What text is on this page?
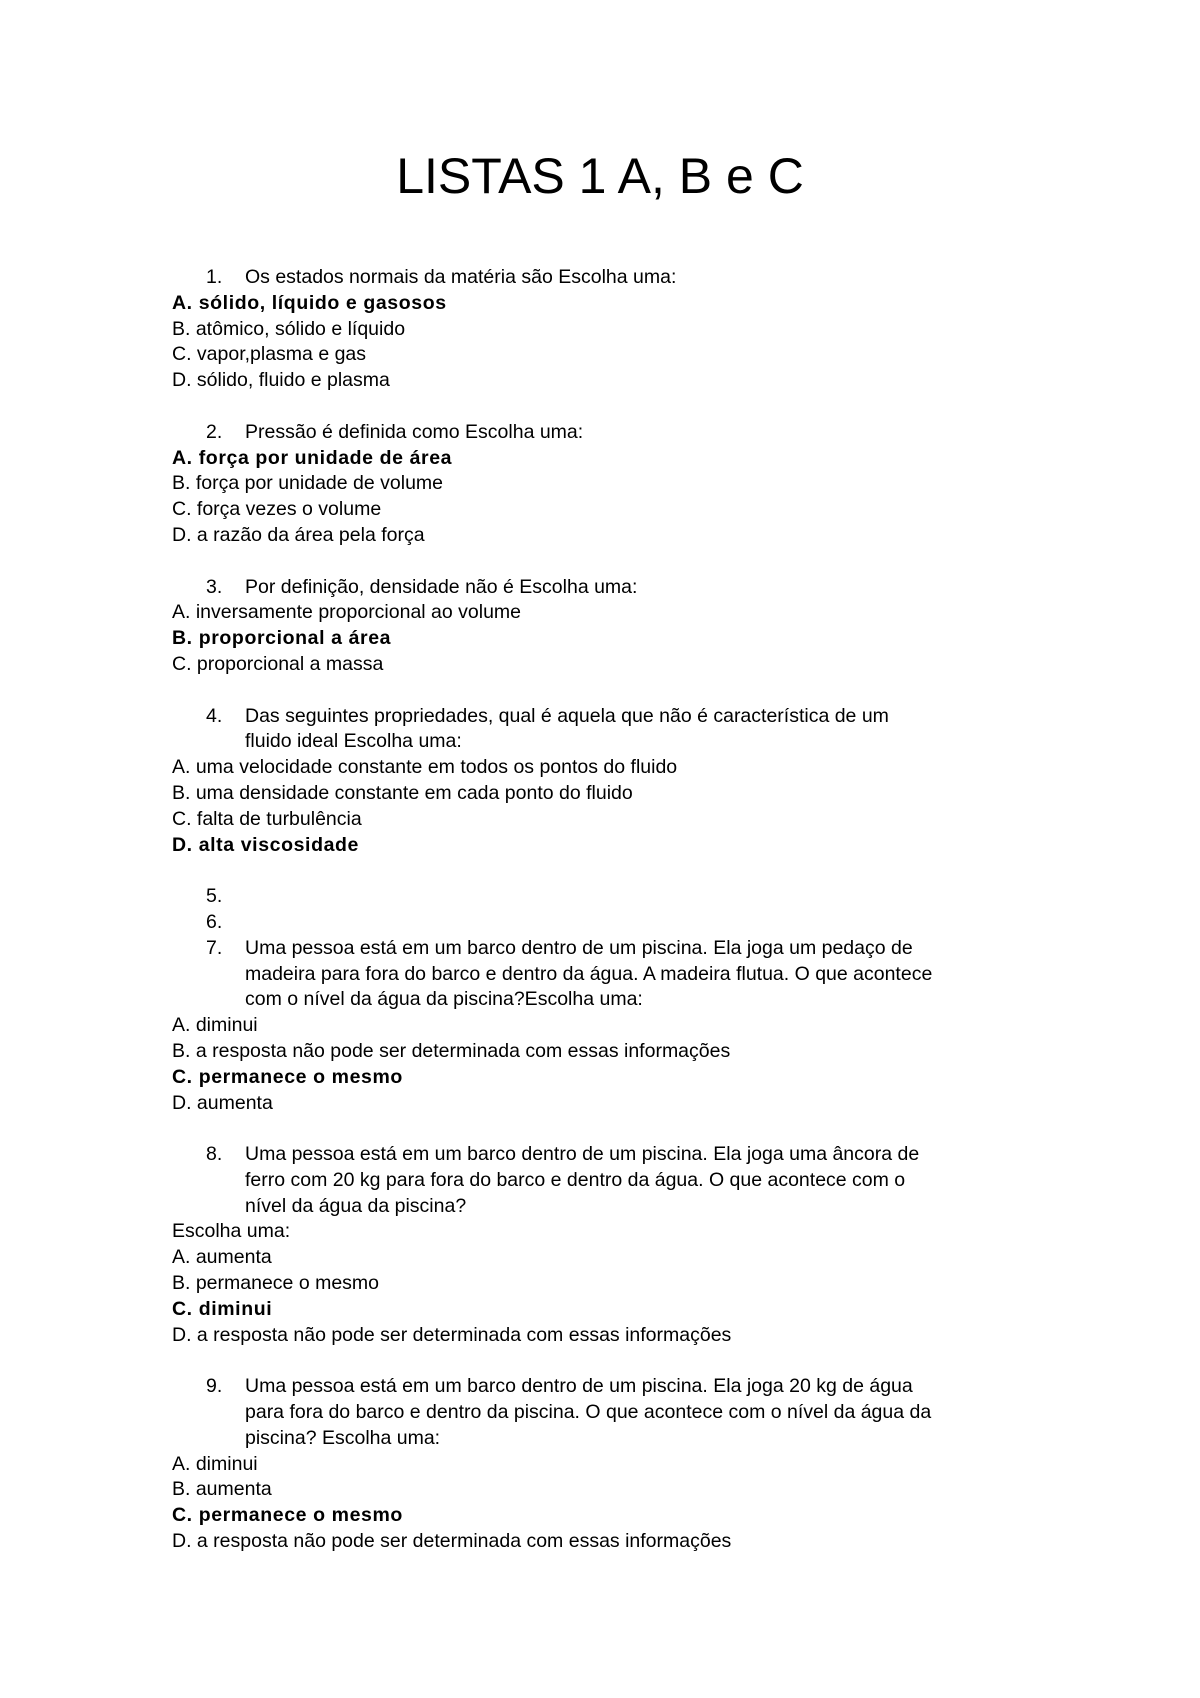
LISTAS 1 A, B e C
1. Os estados normais da matéria são Escolha uma:
A. sólido, líquido e gasosos
B. atômico, sólido e líquido
C. vapor,plasma e gas
D. sólido, fluido e plasma
2. Pressão é definida como Escolha uma:
A. força por unidade de área
B. força por unidade de volume
C. força vezes o volume
D. a razão da área pela força
3. Por definição, densidade não é Escolha uma:
A. inversamente proporcional ao volume
B. proporcional a área
C. proporcional a massa
4. Das seguintes propriedades, qual é aquela que não é característica de um
fluido ideal Escolha uma:
A. uma velocidade constante em todos os pontos do fluido
B. uma densidade constante em cada ponto do fluido
C. falta de turbulência
D. alta viscosidade
5.
6.
7. Uma pessoa está em um barco dentro de um piscina. Ela joga um pedaço de
madeira para fora do barco e dentro da água. A madeira flutua. O que acontece
com o nível da água da piscina?Escolha uma:
A. diminui
B. a resposta não pode ser determinada com essas informações
C. permanece o mesmo
D. aumenta
8. Uma pessoa está em um barco dentro de um piscina. Ela joga uma âncora de
ferro com 20 kg para fora do barco e dentro da água. O que acontece com o
nível da água da piscina?
Escolha uma:
A. aumenta
B. permanece o mesmo
C. diminui
D. a resposta não pode ser determinada com essas informações
9. Uma pessoa está em um barco dentro de um piscina. Ela joga 20 kg de água
para fora do barco e dentro da piscina. O que acontece com o nível da água da
piscina? Escolha uma:
A. diminui
B. aumenta
C. permanece o mesmo
D. a resposta não pode ser determinada com essas informações
